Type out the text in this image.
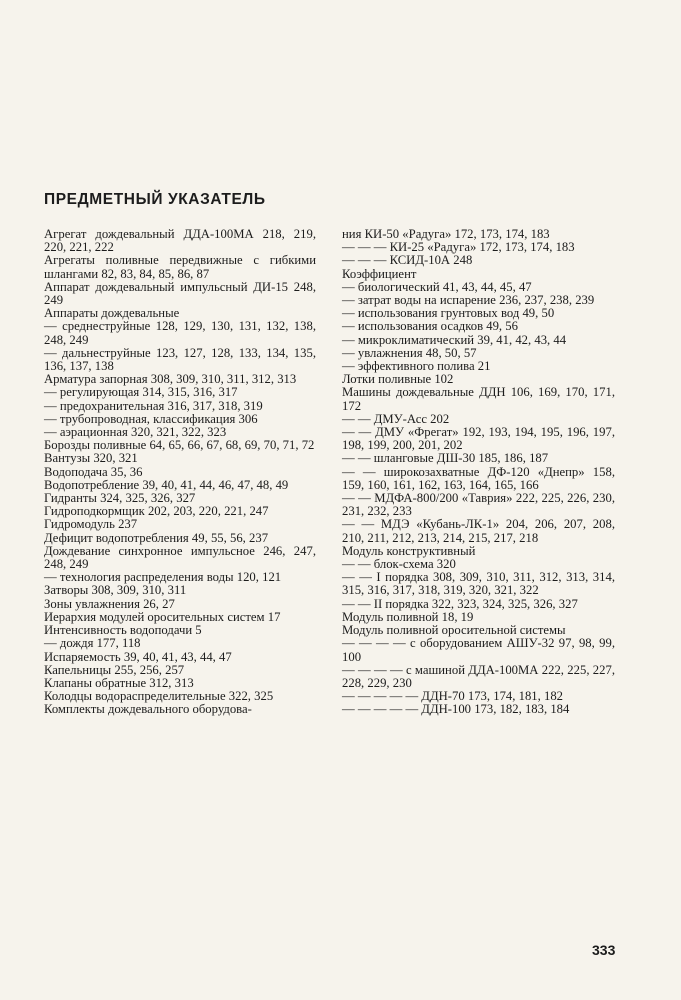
ПРЕДМЕТНЫЙ УКАЗАТЕЛЬ
Агрегат дождевальный ДДА-100МА 218, 219, 220, 221, 222
Агрегаты поливные передвижные с гибкими шлангами 82, 83, 84, 85, 86, 87
Аппарат дождевальный импульсный ДИ-15 248, 249
Аппараты дождевальные
— среднеструйные 128, 129, 130, 131, 132, 138, 248, 249
— дальнеструйные 123, 127, 128, 133, 134, 135, 136, 137, 138
Арматура запорная 308, 309, 310, 311, 312, 313
— регулирующая 314, 315, 316, 317
— предохранительная 316, 317, 318, 319
— трубопроводная, классификация 306
— аэрационная 320, 321, 322, 323
Борозды поливные 64, 65, 66, 67, 68, 69, 70, 71, 72
Вантузы 320, 321
Водоподача 35, 36
Водопотребление 39, 40, 41, 44, 46, 47, 48, 49
Гидранты 324, 325, 326, 327
Гидроподкормщик 202, 203, 220, 221, 247
Гидромодуль 237
Дефицит водопотребления 49, 55, 56, 237
Дождевание синхронное импульсное 246, 247, 248, 249
— технология распределения воды 120, 121
Затворы 308, 309, 310, 311
Зоны увлажнения 26, 27
Иерархия модулей оросительных систем 17
Интенсивность водоподачи 5
— дождя 177, 118
Испаряемость 39, 40, 41, 43, 44, 47
Капельницы 255, 256, 257
Клапаны обратные 312, 313
Колодцы водораспределительные 322, 325
Комплекты дождевального оборудова-
ния КИ-50 «Радуга» 172, 173, 174, 183
— — — КИ-25 «Радуга» 172, 173, 174, 183
— — — КСИД-10А 248
Коэффициент
— биологический 41, 43, 44, 45, 47
— затрат воды на испарение 236, 237, 238, 239
— использования грунтовых вод 49, 50
— использования осадков 49, 56
— микроклиматический 39, 41, 42, 43, 44
— увлажнения 48, 50, 57
— эффективного полива 21
Лотки поливные 102
Машины дождевальные ДДН 106, 169, 170, 171, 172
— — ДМУ-Асс 202
— — ДМУ «Фрегат» 192, 193, 194, 195, 196, 197, 198, 199, 200, 201, 202
— — шланговые ДШ-30 185, 186, 187
— — широкозахватные ДФ-120 «Днепр» 158, 159, 160, 161, 162, 163, 164, 165, 166
— — МДФА-800/200 «Таврия» 222, 225, 226, 230, 231, 232, 233
— — МДЭ «Кубань-ЛК-1» 204, 206, 207, 208, 210, 211, 212, 213, 214, 215, 217, 218
Модуль конструктивный
— — блок-схема 320
— — I порядка 308, 309, 310, 311, 312, 313, 314, 315, 316, 317, 318, 319, 320, 321, 322
— — II порядка 322, 323, 324, 325, 326, 327
Модуль поливной 18, 19
Модуль поливной оросительной системы
— — — — с оборудованием АШУ-32 97, 98, 99, 100
— — — — с машиной ДДА-100МА 222, 225, 227, 228, 229, 230
— — — — — ДДН-70 173, 174, 181, 182
— — — — — ДДН-100 173, 182, 183, 184
333
